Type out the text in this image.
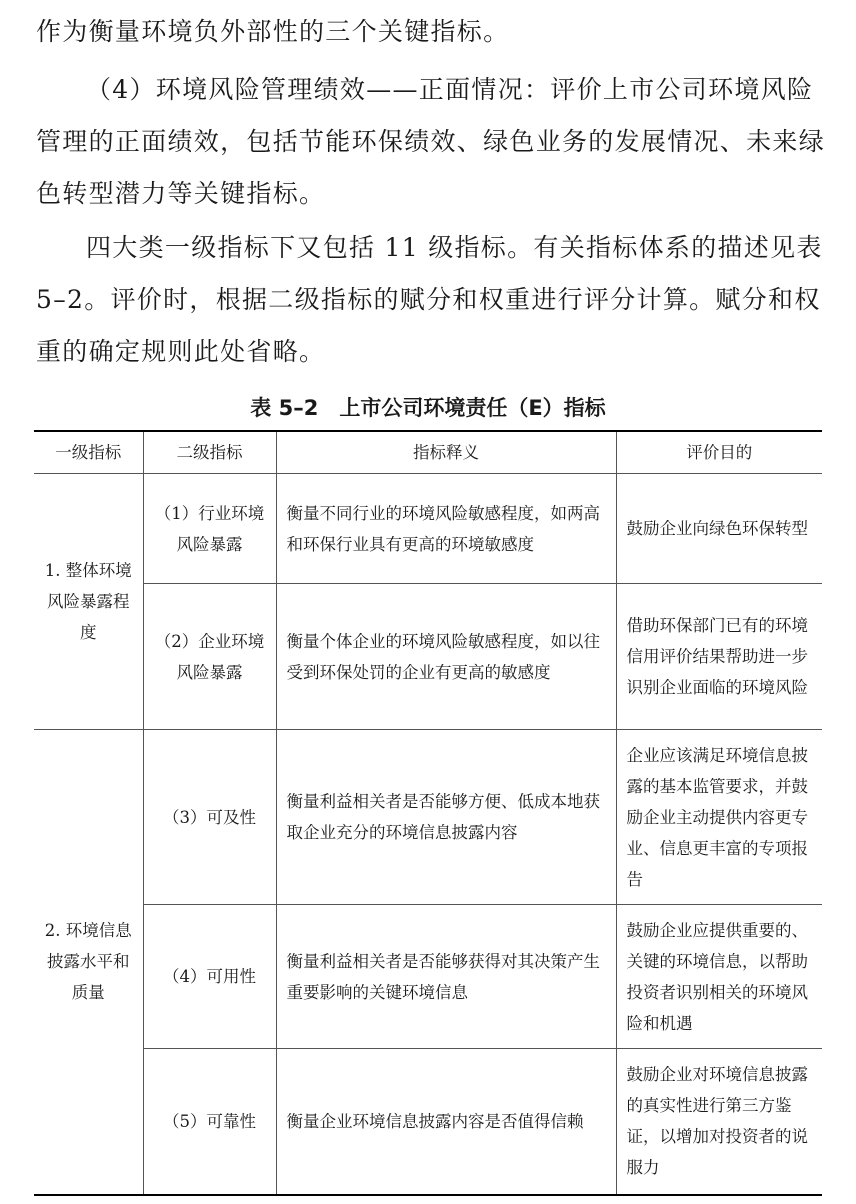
作为衡量环境负外部性的三个关键指标。

（4）环境风险管理绩效——正面情况：评价上市公司环境风险管理的正面绩效，包括节能环保绩效、绿色业务的发展情况、未来绿色转型潜力等关键指标。

四大类一级指标下又包括 11 级指标。有关指标体系的描述见表 5–2。评价时，根据二级指标的赋分和权重进行评分计算。赋分和权重的确定规则此处省略。

表 5–2　上市公司环境责任（E）指标

一级指标	二级指标	指标释义	评价目的
1. 整体环境风险暴露程度	（1）行业环境风险暴露	衡量不同行业的环境风险敏感程度，如两高和环保行业具有更高的环境敏感度	鼓励企业向绿色环保转型
	（2）企业环境风险暴露	衡量个体企业的环境风险敏感程度，如以往受到环保处罚的企业有更高的敏感度	借助环保部门已有的环境信用评价结果帮助进一步识别企业面临的环境风险
2. 环境信息披露水平和质量	（3）可及性	衡量利益相关者是否能够方便、低成本地获取企业充分的环境信息披露内容	企业应该满足环境信息披露的基本监管要求，并鼓励企业主动提供内容更专业、信息更丰富的专项报告
	（4）可用性	衡量利益相关者是否能够获得对其决策产生重要影响的关键环境信息	鼓励企业应提供重要的、关键的环境信息，以帮助投资者识别相关的环境风险和机遇
	（5）可靠性	衡量企业环境信息披露内容是否值得信赖	鼓励企业对环境信息披露的真实性进行第三方鉴证，以增加对投资者的说服力
